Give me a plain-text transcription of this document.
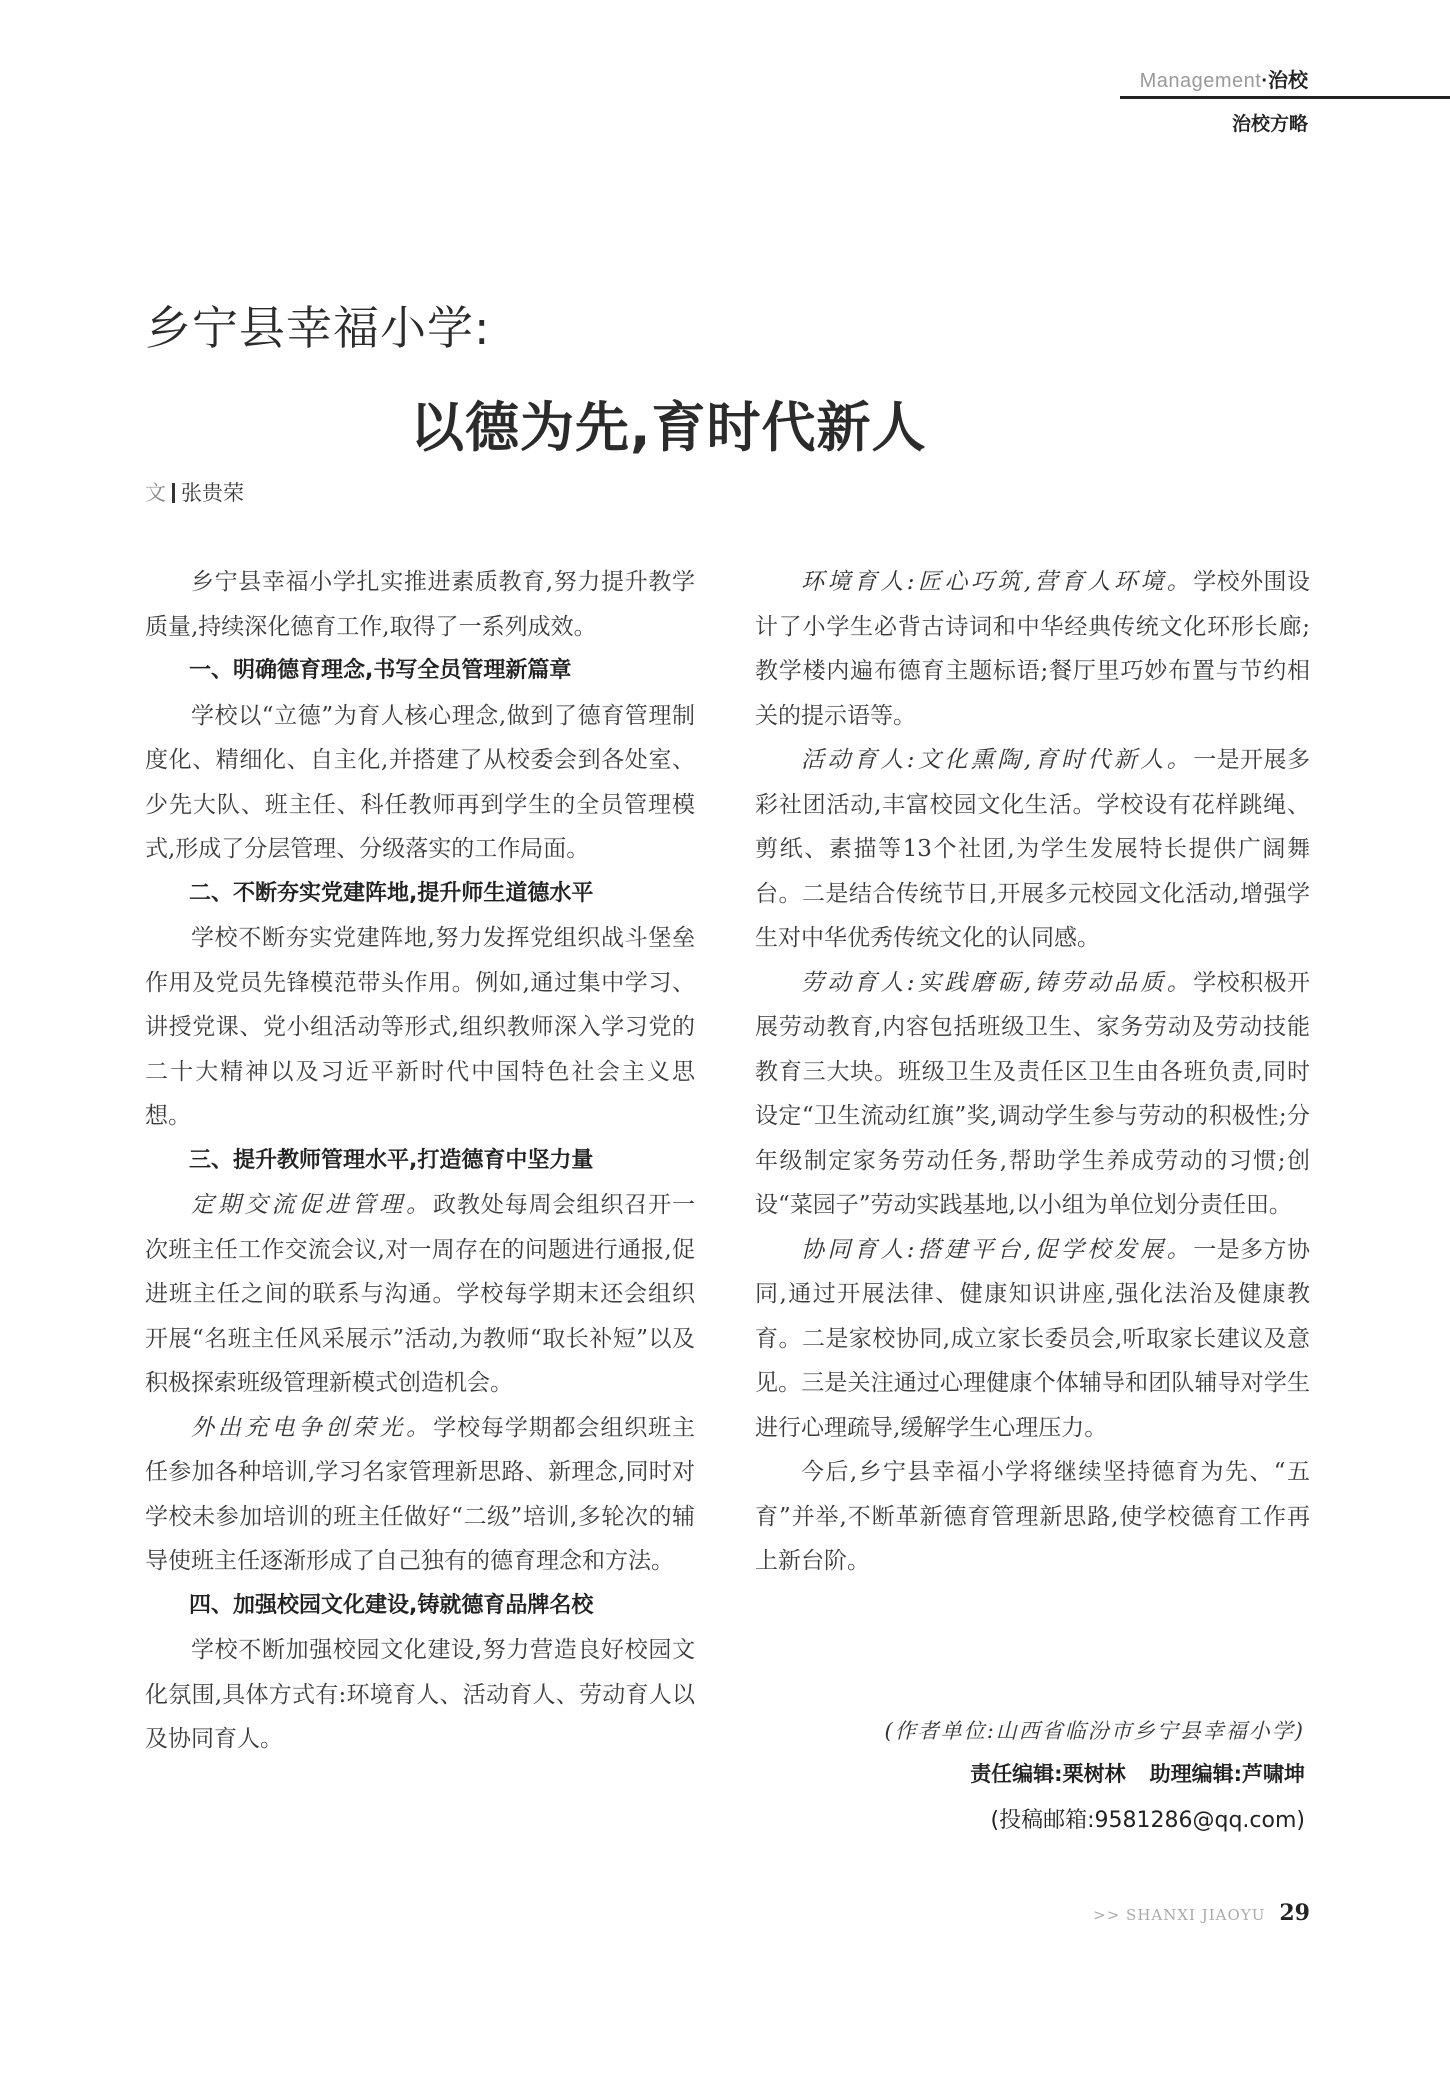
Management·治校
治校方略
乡宁县幸福小学:
以德为先,育时代新人
文 张贵荣

乡宁县幸福小学扎实推进素质教育,努力提升教学质量,持续深化德育工作,取得了一系列成效。

一、明确德育理念,书写全员管理新篇章

学校以“立德”为育人核心理念,做到了德育管理制度化、精细化、自主化,并搭建了从校委会到各处室、少先大队、班主任、科任教师再到学生的全员管理模式,形成了分层管理、分级落实的工作局面。

二、不断夯实党建阵地,提升师生道德水平

学校不断夯实党建阵地,努力发挥党组织战斗堡垒作用及党员先锋模范带头作用。例如,通过集中学习、讲授党课、党小组活动等形式,组织教师深入学习党的二十大精神以及习近平新时代中国特色社会主义思想。

三、提升教师管理水平,打造德育中坚力量

定期交流促进管理。政教处每周会组织召开一次班主任工作交流会议,对一周存在的问题进行通报,促进班主任之间的联系与沟通。学校每学期末还会组织开展“名班主任风采展示”活动,为教师“取长补短”以及积极探索班级管理新模式创造机会。

外出充电争创荣光。学校每学期都会组织班主任参加各种培训,学习名家管理新思路、新理念,同时对学校未参加培训的班主任做好“二级”培训,多轮次的辅导使班主任逐渐形成了自己独有的德育理念和方法。

四、加强校园文化建设,铸就德育品牌名校

学校不断加强校园文化建设,努力营造良好校园文化氛围,具体方式有:环境育人、活动育人、劳动育人以及协同育人。

环境育人:匠心巧筑,营育人环境。学校外围设计了小学生必背古诗词和中华经典传统文化环形长廊;教学楼内遍布德育主题标语;餐厅里巧妙布置与节约相关的提示语等。

活动育人:文化熏陶,育时代新人。一是开展多彩社团活动,丰富校园文化生活。学校设有花样跳绳、剪纸、素描等13个社团,为学生发展特长提供广阔舞台。二是结合传统节日,开展多元校园文化活动,增强学生对中华优秀传统文化的认同感。

劳动育人:实践磨砺,铸劳动品质。学校积极开展劳动教育,内容包括班级卫生、家务劳动及劳动技能教育三大块。班级卫生及责任区卫生由各班负责,同时设定“卫生流动红旗”奖,调动学生参与劳动的积极性;分年级制定家务劳动任务,帮助学生养成劳动的习惯;创设“菜园子”劳动实践基地,以小组为单位划分责任田。

协同育人:搭建平台,促学校发展。一是多方协同,通过开展法律、健康知识讲座,强化法治及健康教育。二是家校协同,成立家长委员会,听取家长建议及意见。三是关注通过心理健康个体辅导和团队辅导对学生进行心理疏导,缓解学生心理压力。

今后,乡宁县幸福小学将继续坚持德育为先、“五育”并举,不断革新德育管理新思路,使学校德育工作再上新台阶。

(作者单位:山西省临汾市乡宁县幸福小学)
责任编辑:栗树林 助理编辑:芦啸坤
(投稿邮箱:9581286@qq.com)
>> SHANXI JIAOYU 29
